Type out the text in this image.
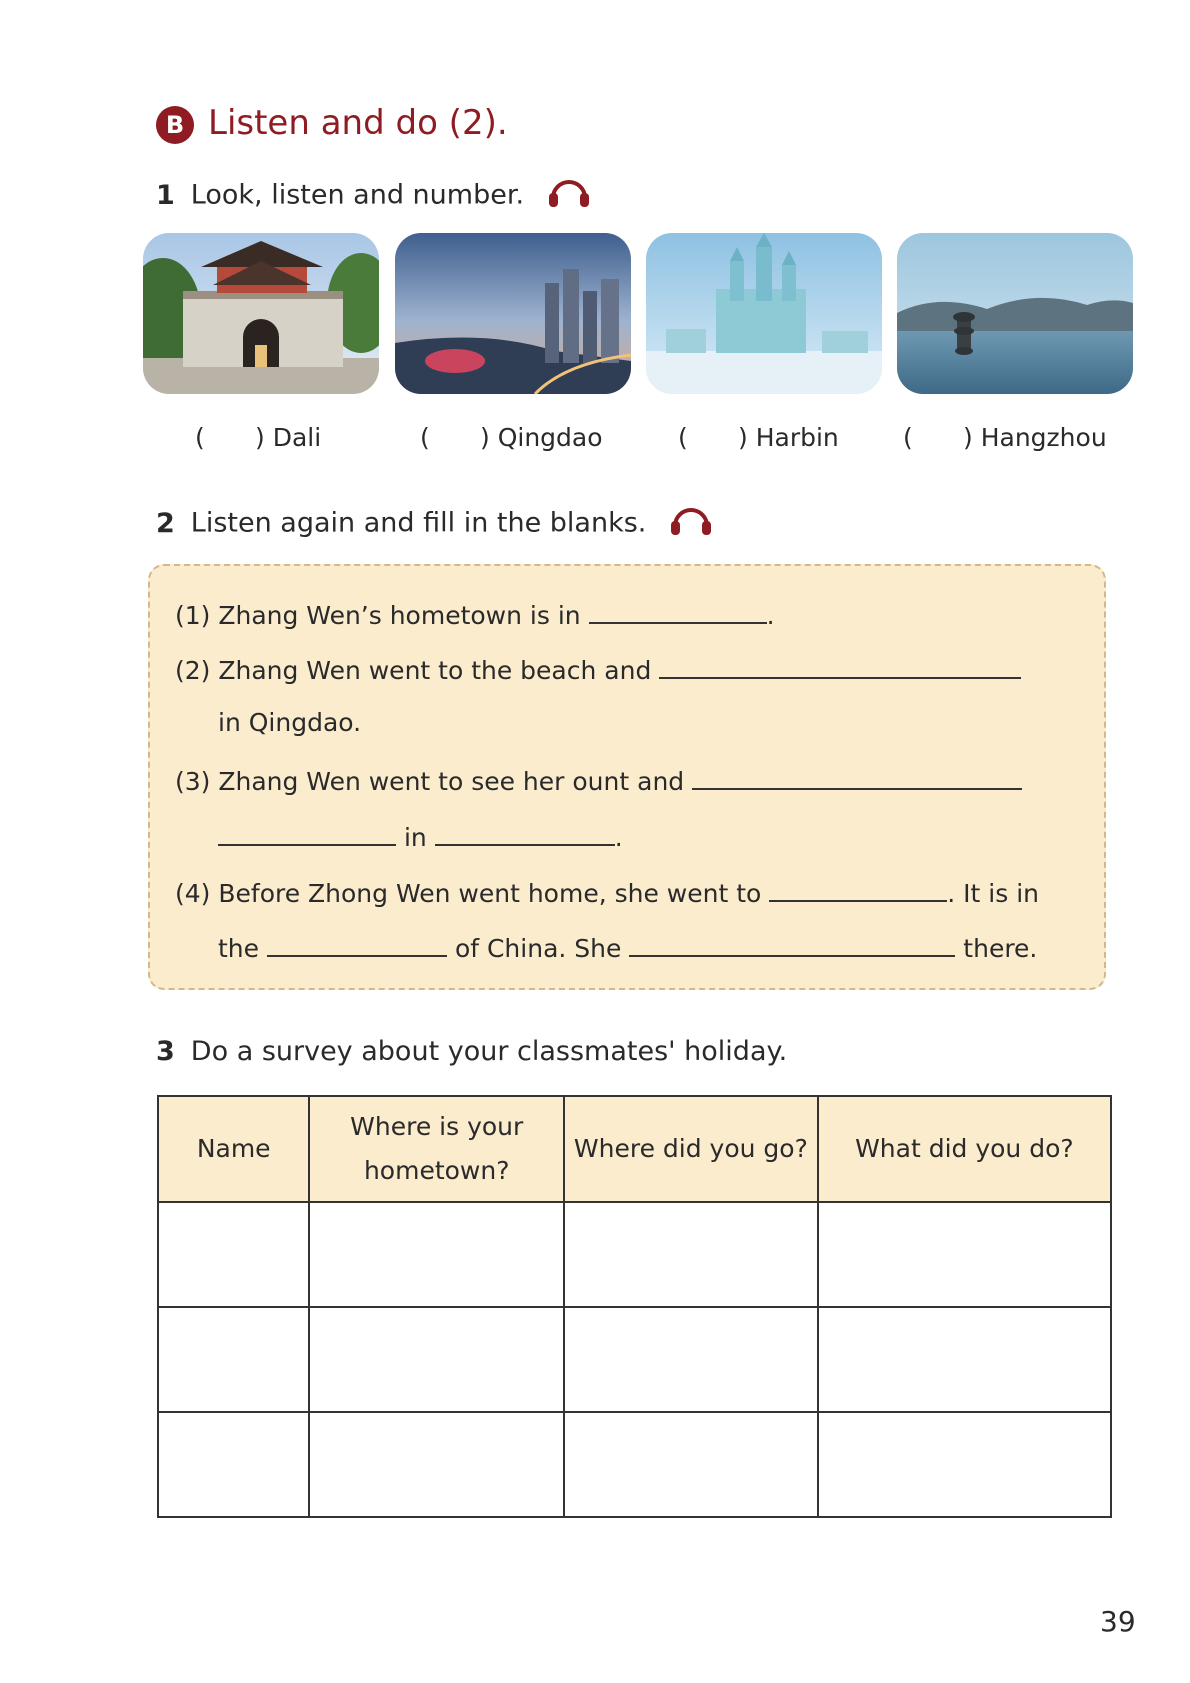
B Listen and do (2).
1 Look, listen and number.
( ) Dali	( ) Qingdao	( ) Harbin	( ) Hangzhou
2 Listen again and fill in the blanks.
(1) Zhang Wen’s hometown is in	.
(2) Zhang Wen went to the beach and
in Qingdao.
(3) Zhang Wen went to see her ount and
in	.
(4) Before Zhong Wen went home, she went to	. It is in
the	of China. She	there.
3 Do a survey about your classmates' holiday.
Name	Where is your hometown?	Where did you go?	What did you do?

39
